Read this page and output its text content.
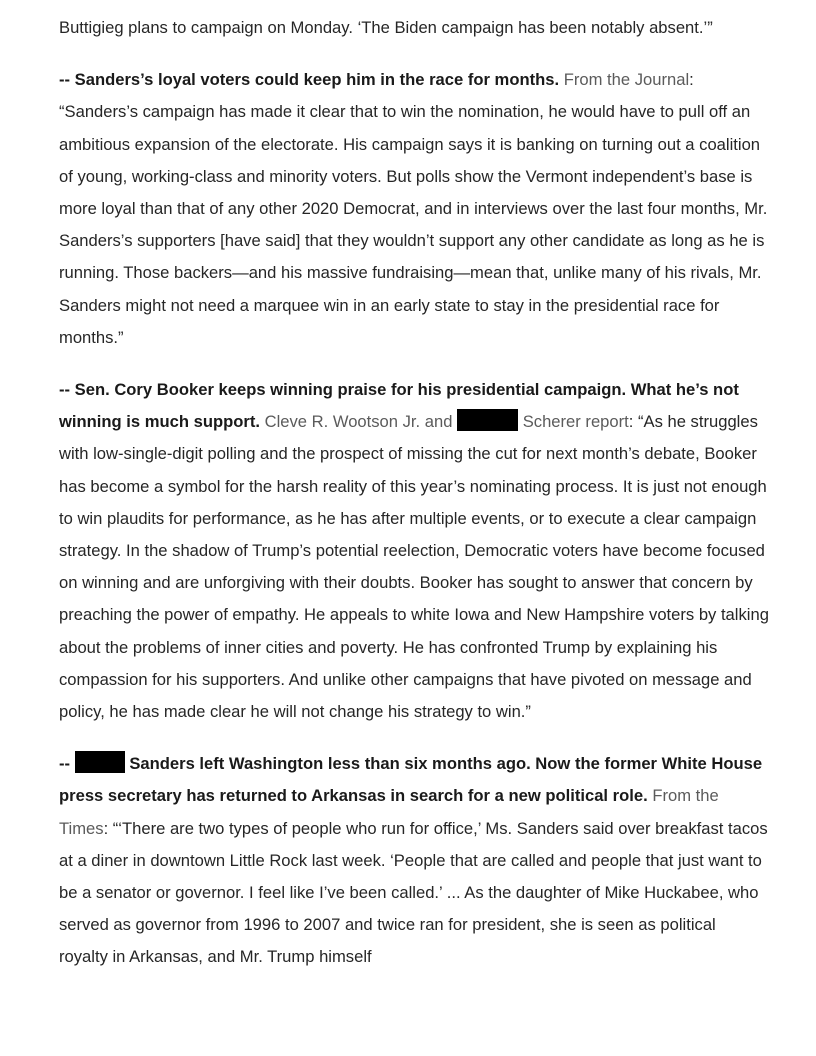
Buttigieg plans to campaign on Monday. ‘The Biden campaign has been notably absent.’”

-- Sanders’s loyal voters could keep him in the race for months. From the Journal: “Sanders’s campaign has made it clear that to win the nomination, he would have to pull off an ambitious expansion of the electorate. His campaign says it is banking on turning out a coalition of young, working-class and minority voters. But polls show the Vermont independent’s base is more loyal than that of any other 2020 Democrat, and in interviews over the last four months, Mr. Sanders’s supporters [have said] that they wouldn’t support any other candidate as long as he is running. Those backers—and his massive fundraising—mean that, unlike many of his rivals, Mr. Sanders might not need a marquee win in an early state to stay in the presidential race for months.”

-- Sen. Cory Booker keeps winning praise for his presidential campaign. What he’s not winning is much support. Cleve R. Wootson Jr. and	Scherer report: “As he struggles with low-single-digit polling and the prospect of missing the cut for next month’s debate, Booker has become a symbol for the harsh reality of this year’s nominating process. It is just not enough to win plaudits for performance, as he has after multiple events, or to execute a clear campaign strategy. In the shadow of Trump’s potential reelection, Democratic voters have become focused on winning and are unforgiving with their doubts. Booker has sought to answer that concern by preaching the power of empathy. He appeals to white Iowa and New Hampshire voters by talking about the problems of inner cities and poverty. He has confronted Trump by explaining his compassion for his supporters. And unlike other campaigns that have pivoted on message and policy, he has made clear he will not change his strategy to win.”

--	Sanders left Washington less than six months ago. Now the former White House press secretary has returned to Arkansas in search for a new political role. From the Times: “‘There are two types of people who run for office,’ Ms. Sanders said over breakfast tacos at a diner in downtown Little Rock last week. ‘People that are called and people that just want to be a senator or governor. I feel like I’ve been called.’ ... As the daughter of Mike Huckabee, who served as governor from 1996 to 2007 and twice ran for president, she is seen as political royalty in Arkansas, and Mr. Trump himself
